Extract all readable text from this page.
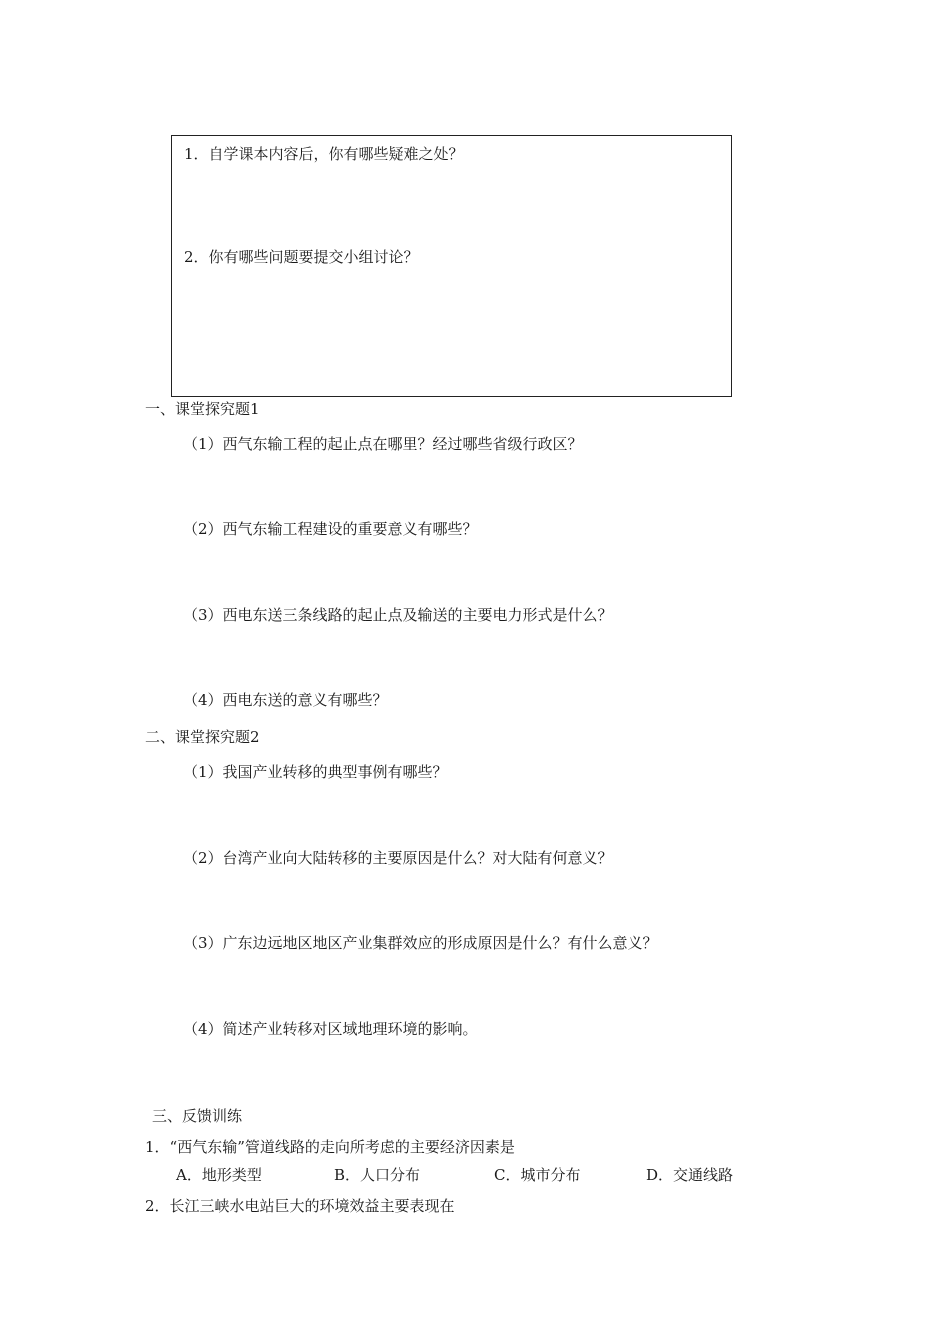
1．自学课本内容后，你有哪些疑难之处？
2．你有哪些问题要提交小组讨论？
一、课堂探究题1
（1）西气东输工程的起止点在哪里？经过哪些省级行政区？
（2）西气东输工程建设的重要意义有哪些？
（3）西电东送三条线路的起止点及输送的主要电力形式是什么？
（4）西电东送的意义有哪些？
二、课堂探究题2
（1）我国产业转移的典型事例有哪些？
（2）台湾产业向大陆转移的主要原因是什么？对大陆有何意义？
（3）广东边远地区地区产业集群效应的形成原因是什么？有什么意义？
（4）简述产业转移对区域地理环境的影响。
三、反馈训练
1．“西气东输”管道线路的走向所考虑的主要经济因素是
A．地形类型	B．人口分布	C．城市分布	D．交通线路
2．长江三峡水电站巨大的环境效益主要表现在
